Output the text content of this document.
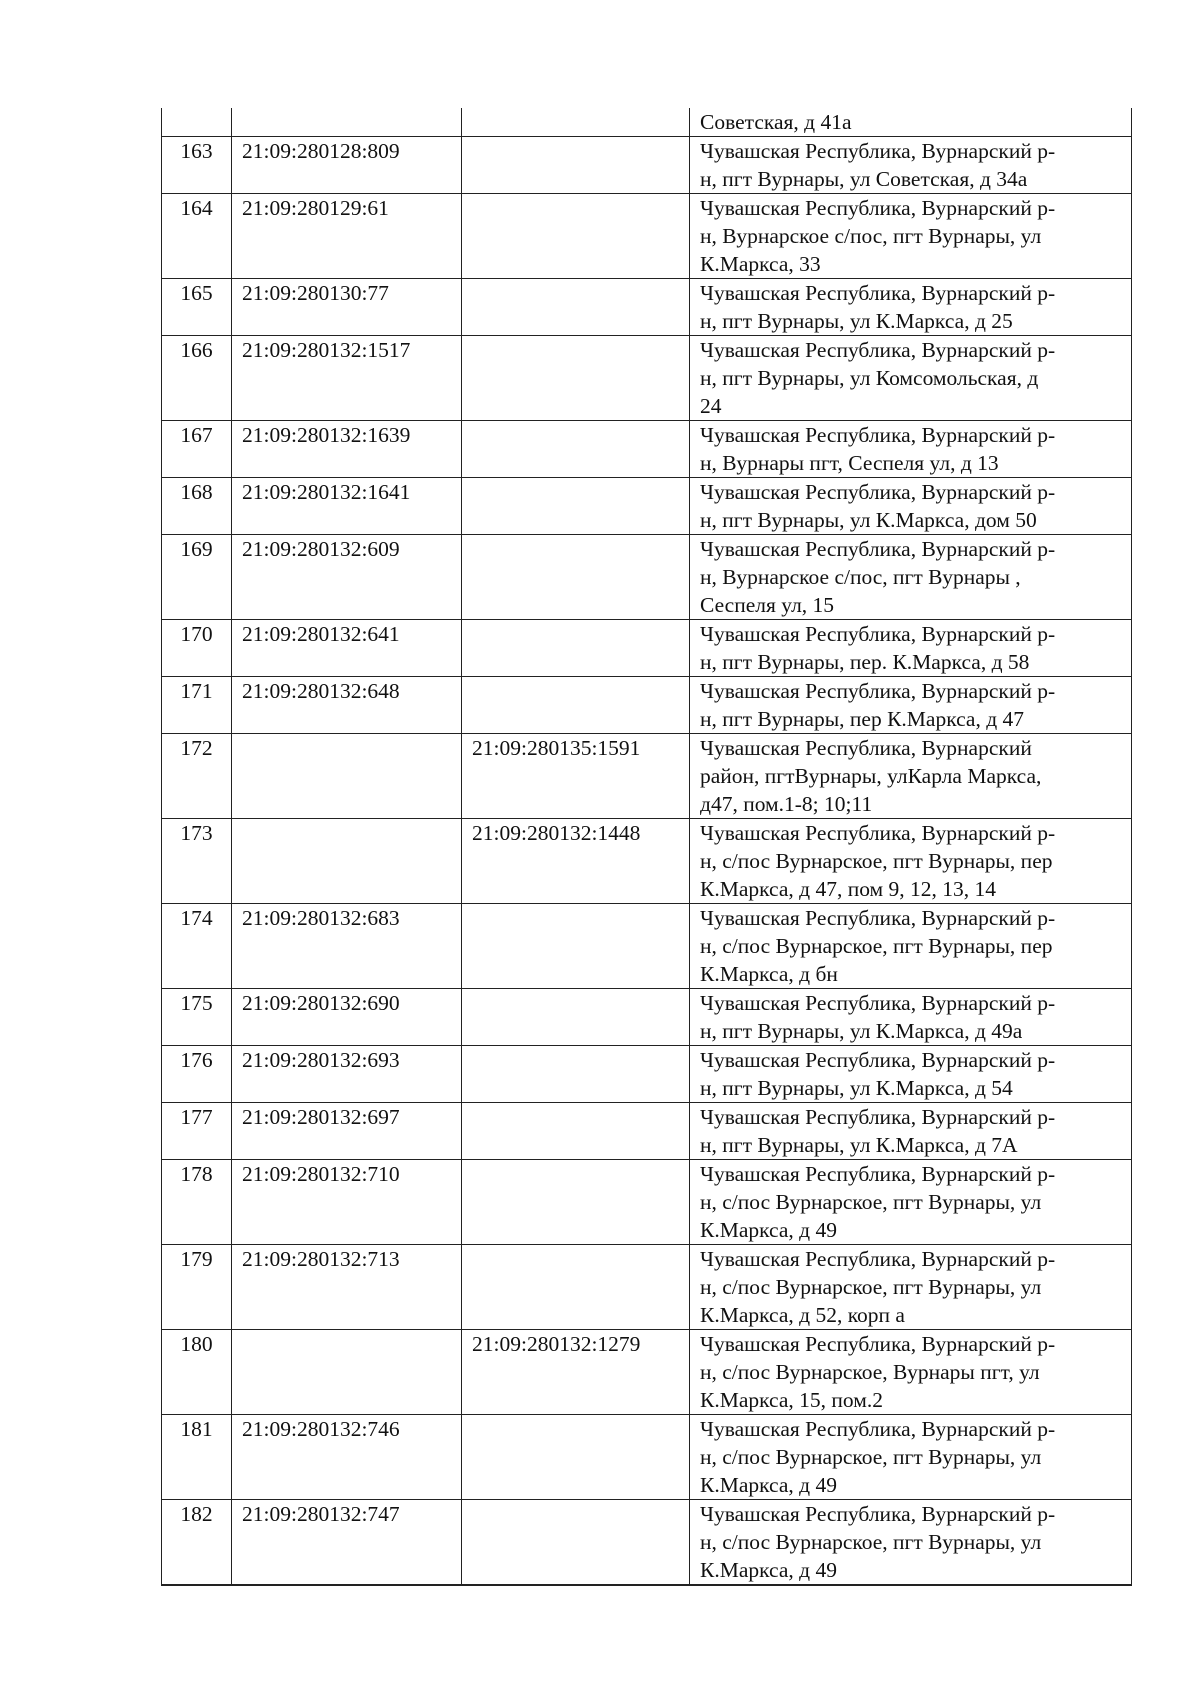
			Советская, д 41а

163	21:09:280128:809		Чувашская Республика, Вурнарский р-
н, пгт Вурнары, ул Советская, д 34а

164	21:09:280129:61		Чувашская Республика, Вурнарский р-
н, Вурнарское с/пос, пгт Вурнары, ул
К.Маркса, 33

165	21:09:280130:77		Чувашская Республика, Вурнарский р-
н, пгт Вурнары, ул К.Маркса, д 25

166	21:09:280132:1517		Чувашская Республика, Вурнарский р-
н, пгт Вурнары, ул Комсомольская, д
24

167	21:09:280132:1639		Чувашская Республика, Вурнарский р-
н, Вурнары пгт, Сеспеля ул, д 13

168	21:09:280132:1641		Чувашская Республика, Вурнарский р-
н, пгт Вурнары, ул К.Маркса, дом 50

169	21:09:280132:609		Чувашская Республика, Вурнарский р-
н, Вурнарское с/пос, пгт Вурнары ,
Сеспеля ул, 15

170	21:09:280132:641		Чувашская Республика, Вурнарский р-
н, пгт Вурнары, пер. К.Маркса, д 58

171	21:09:280132:648		Чувашская Республика, Вурнарский р-
н, пгт Вурнары, пер К.Маркса, д 47

172		21:09:280135:1591	Чувашская Республика, Вурнарский
район, пгтВурнары, улКарла Маркса,
д47, пом.1-8; 10;11

173		21:09:280132:1448	Чувашская Республика, Вурнарский р-
н, с/пос Вурнарское, пгт Вурнары, пер
К.Маркса, д 47, пом 9, 12, 13, 14

174	21:09:280132:683		Чувашская Республика, Вурнарский р-
н, с/пос Вурнарское, пгт Вурнары, пер
К.Маркса, д бн

175	21:09:280132:690		Чувашская Республика, Вурнарский р-
н, пгт Вурнары, ул К.Маркса, д 49а

176	21:09:280132:693		Чувашская Республика, Вурнарский р-
н, пгт Вурнары, ул К.Маркса, д 54

177	21:09:280132:697		Чувашская Республика, Вурнарский р-
н, пгт Вурнары, ул К.Маркса, д 7А

178	21:09:280132:710		Чувашская Республика, Вурнарский р-
н, с/пос Вурнарское, пгт Вурнары, ул
К.Маркса, д 49

179	21:09:280132:713		Чувашская Республика, Вурнарский р-
н, с/пос Вурнарское, пгт Вурнары, ул
К.Маркса, д 52, корп а

180		21:09:280132:1279	Чувашская Республика, Вурнарский р-
н, с/пос Вурнарское, Вурнары пгт, ул
К.Маркса, 15, пом.2

181	21:09:280132:746		Чувашская Республика, Вурнарский р-
н, с/пос Вурнарское, пгт Вурнары, ул
К.Маркса, д 49

182	21:09:280132:747		Чувашская Республика, Вурнарский р-
н, с/пос Вурнарское, пгт Вурнары, ул
К.Маркса, д 49
